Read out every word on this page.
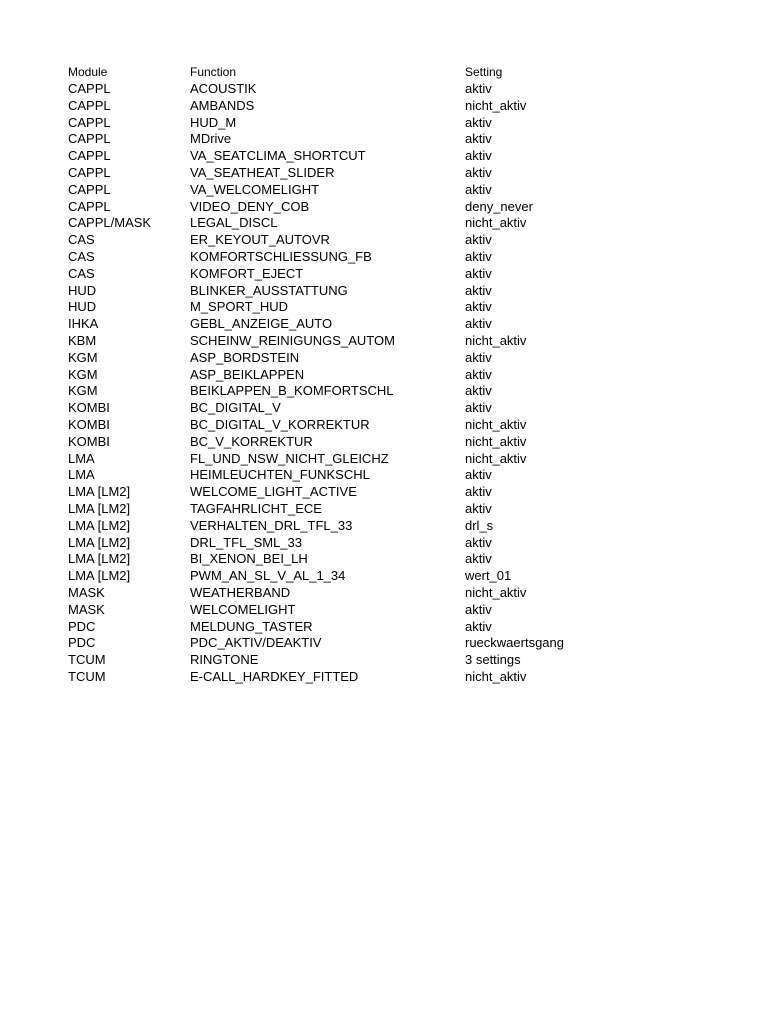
Module	Function	Setting
CAPPL	ACOUSTIK	aktiv
CAPPL	AMBANDS	nicht_aktiv
CAPPL	HUD_M	aktiv
CAPPL	MDrive	aktiv
CAPPL	VA_SEATCLIMA_SHORTCUT	aktiv
CAPPL	VA_SEATHEAT_SLIDER	aktiv
CAPPL	VA_WELCOMELIGHT	aktiv
CAPPL	VIDEO_DENY_COB	deny_never
CAPPL/MASK	LEGAL_DISCL	nicht_aktiv
CAS	ER_KEYOUT_AUTOVR	aktiv
CAS	KOMFORTSCHLIESSUNG_FB	aktiv
CAS	KOMFORT_EJECT	aktiv
HUD	BLINKER_AUSSTATTUNG	aktiv
HUD	M_SPORT_HUD	aktiv
IHKA	GEBL_ANZEIGE_AUTO	aktiv
KBM	SCHEINW_REINIGUNGS_AUTOM	nicht_aktiv
KGM	ASP_BORDSTEIN	aktiv
KGM	ASP_BEIKLAPPEN	aktiv
KGM	BEIKLAPPEN_B_KOMFORTSCHL	aktiv
KOMBI	BC_DIGITAL_V	aktiv
KOMBI	BC_DIGITAL_V_KORREKTUR	nicht_aktiv
KOMBI	BC_V_KORREKTUR	nicht_aktiv
LMA	FL_UND_NSW_NICHT_GLEICHZ	nicht_aktiv
LMA	HEIMLEUCHTEN_FUNKSCHL	aktiv
LMA [LM2]	WELCOME_LIGHT_ACTIVE	aktiv
LMA [LM2]	TAGFAHRLICHT_ECE	aktiv
LMA [LM2]	VERHALTEN_DRL_TFL_33	drl_s
LMA [LM2]	DRL_TFL_SML_33	aktiv
LMA [LM2]	BI_XENON_BEI_LH	aktiv
LMA [LM2]	PWM_AN_SL_V_AL_1_34	wert_01
MASK	WEATHERBAND	nicht_aktiv
MASK	WELCOMELIGHT	aktiv
PDC	MELDUNG_TASTER	aktiv
PDC	PDC_AKTIV/DEAKTIV	rueckwaertsgang
TCUM	RINGTONE	3 settings
TCUM	E-CALL_HARDKEY_FITTED	nicht_aktiv
